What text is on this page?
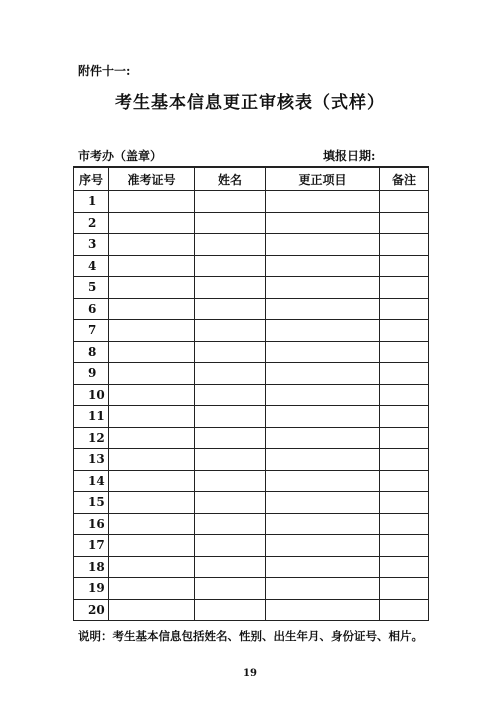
附件十一:
考生基本信息更正审核表（式样）
市考办（盖章）	填报日期:
序号	准考证号	姓名	更正项目	备注
1				
2				
3				
4				
5				
6				
7				
8				
9				
10				
11				
12				
13				
14				
15				
16				
17				
18				
19				
20				
说明：考生基本信息包括姓名、性别、出生年月、身份证号、相片。
19
